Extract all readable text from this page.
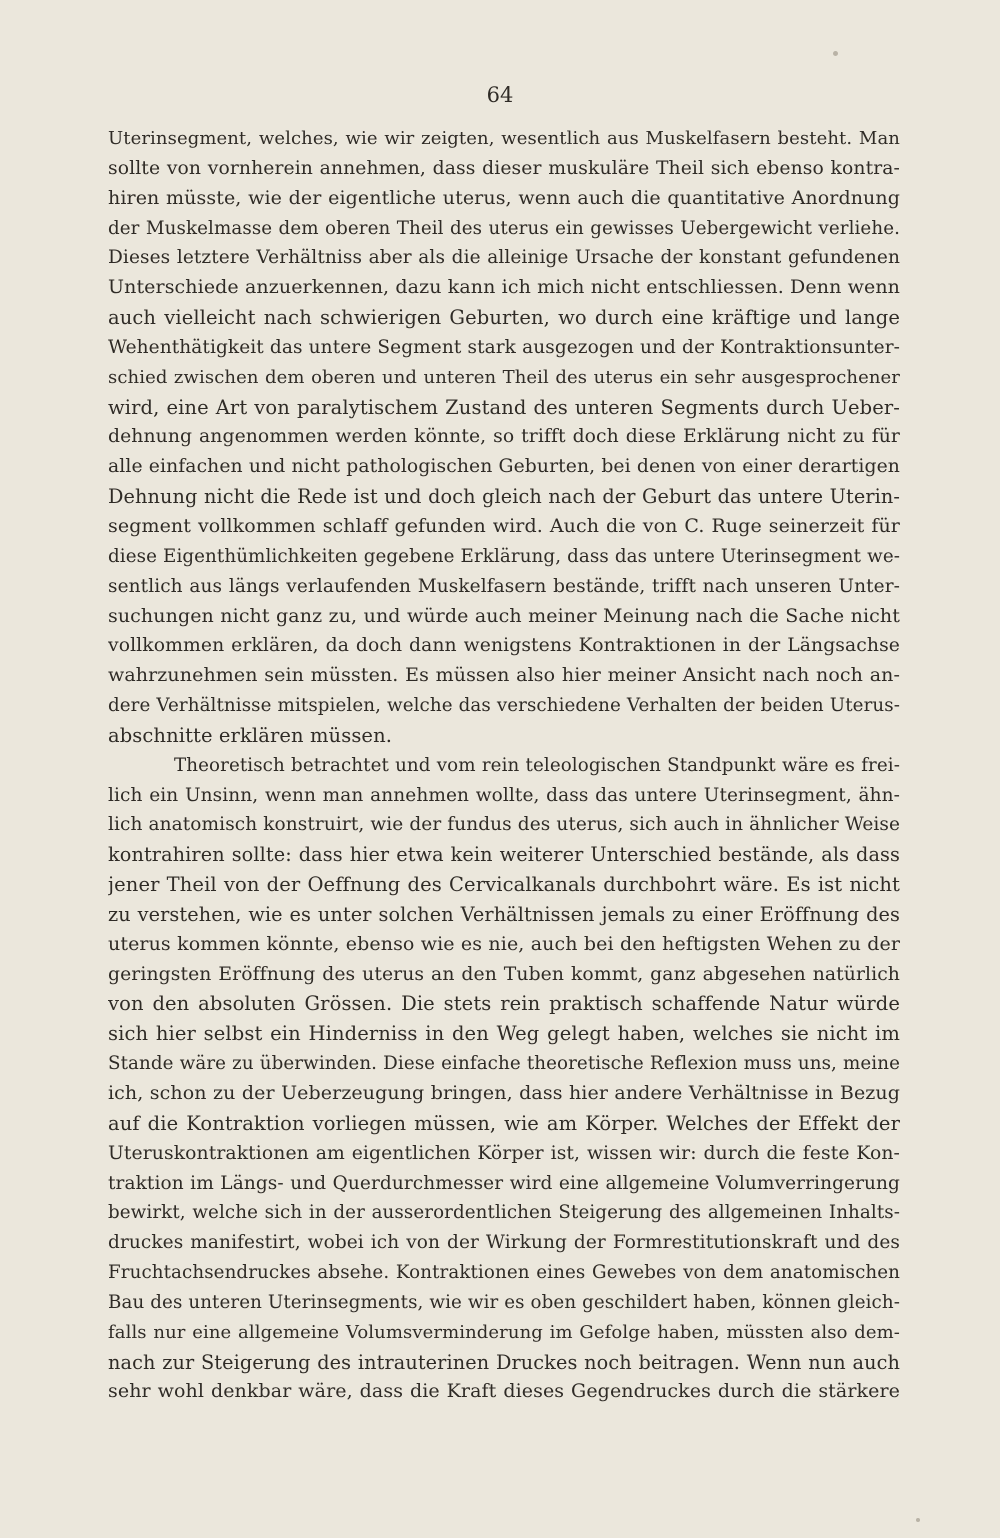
64
Uterinsegment, welches, wie wir zeigten, wesentlich aus Muskelfasern besteht. Man
sollte von vornherein annehmen, dass dieser muskuläre Theil sich ebenso kontra-
hiren müsste, wie der eigentliche uterus, wenn auch die quantitative Anordnung
der Muskelmasse dem oberen Theil des uterus ein gewisses Uebergewicht verliehe.
Dieses letztere Verhältniss aber als die alleinige Ursache der konstant gefundenen
Unterschiede anzuerkennen, dazu kann ich mich nicht entschliessen. Denn wenn
auch vielleicht nach schwierigen Geburten, wo durch eine kräftige und lange
Wehenthätigkeit das untere Segment stark ausgezogen und der Kontraktionsunter-
schied zwischen dem oberen und unteren Theil des uterus ein sehr ausgesprochener
wird, eine Art von paralytischem Zustand des unteren Segments durch Ueber-
dehnung angenommen werden könnte, so trifft doch diese Erklärung nicht zu für
alle einfachen und nicht pathologischen Geburten, bei denen von einer derartigen
Dehnung nicht die Rede ist und doch gleich nach der Geburt das untere Uterin-
segment vollkommen schlaff gefunden wird. Auch die von C. Ruge seinerzeit für
diese Eigenthümlichkeiten gegebene Erklärung, dass das untere Uterinsegment we-
sentlich aus längs verlaufenden Muskelfasern bestände, trifft nach unseren Unter-
suchungen nicht ganz zu, und würde auch meiner Meinung nach die Sache nicht
vollkommen erklären, da doch dann wenigstens Kontraktionen in der Längsachse
wahrzunehmen sein müssten. Es müssen also hier meiner Ansicht nach noch an-
dere Verhältnisse mitspielen, welche das verschiedene Verhalten der beiden Uterus-
abschnitte erklären müssen.
Theoretisch betrachtet und vom rein teleologischen Standpunkt wäre es frei-
lich ein Unsinn, wenn man annehmen wollte, dass das untere Uterinsegment, ähn-
lich anatomisch konstruirt, wie der fundus des uterus, sich auch in ähnlicher Weise
kontrahiren sollte: dass hier etwa kein weiterer Unterschied bestände, als dass
jener Theil von der Oeffnung des Cervicalkanals durchbohrt wäre. Es ist nicht
zu verstehen, wie es unter solchen Verhältnissen jemals zu einer Eröffnung des
uterus kommen könnte, ebenso wie es nie, auch bei den heftigsten Wehen zu der
geringsten Eröffnung des uterus an den Tuben kommt, ganz abgesehen natürlich
von den absoluten Grössen. Die stets rein praktisch schaffende Natur würde
sich hier selbst ein Hinderniss in den Weg gelegt haben, welches sie nicht im
Stande wäre zu überwinden. Diese einfache theoretische Reflexion muss uns, meine
ich, schon zu der Ueberzeugung bringen, dass hier andere Verhältnisse in Bezug
auf die Kontraktion vorliegen müssen, wie am Körper. Welches der Effekt der
Uteruskontraktionen am eigentlichen Körper ist, wissen wir: durch die feste Kon-
traktion im Längs- und Querdurchmesser wird eine allgemeine Volumverringerung
bewirkt, welche sich in der ausserordentlichen Steigerung des allgemeinen Inhalts-
druckes manifestirt, wobei ich von der Wirkung der Formrestitutionskraft und des
Fruchtachsendruckes absehe. Kontraktionen eines Gewebes von dem anatomischen
Bau des unteren Uterinsegments, wie wir es oben geschildert haben, können gleich-
falls nur eine allgemeine Volumsverminderung im Gefolge haben, müssten also dem-
nach zur Steigerung des intrauterinen Druckes noch beitragen. Wenn nun auch
sehr wohl denkbar wäre, dass die Kraft dieses Gegendruckes durch die stärkere
